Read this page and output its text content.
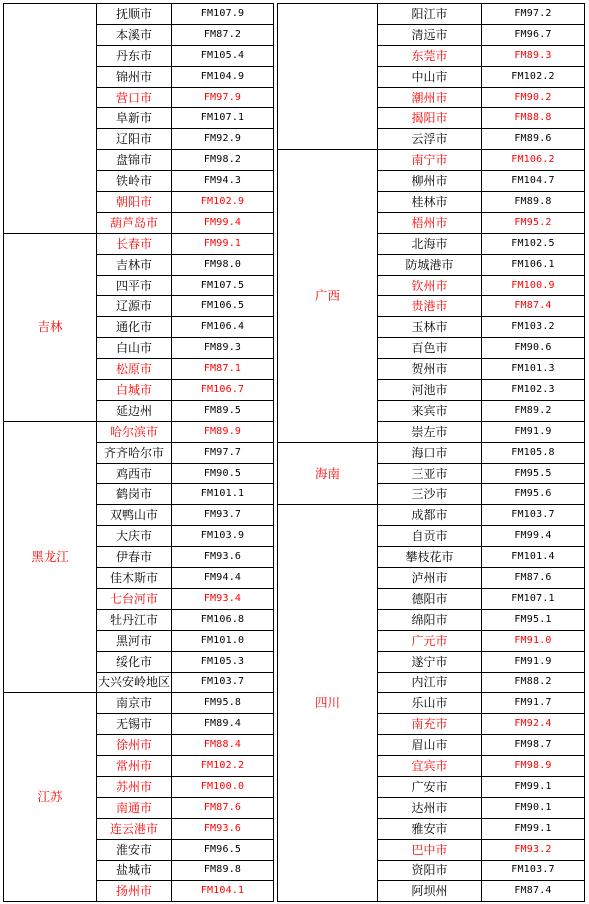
	抚顺市	FM107.9
	本溪市	FM87.2
	丹东市	FM105.4
	锦州市	FM104.9
	营口市	FM97.9
	阜新市	FM107.1
	辽阳市	FM92.9
	盘锦市	FM98.2
	铁岭市	FM94.3
	朝阳市	FM102.9
	葫芦岛市	FM99.4
吉林	长春市	FM99.1
	吉林市	FM98.0
	四平市	FM107.5
	辽源市	FM106.5
	通化市	FM106.4
	白山市	FM89.3
	松原市	FM87.1
	白城市	FM106.7
	延边州	FM89.5
黑龙江	哈尔滨市	FM89.9
	齐齐哈尔市	FM97.7
	鸡西市	FM90.5
	鹤岗市	FM101.1
	双鸭山市	FM93.7
	大庆市	FM103.9
	伊春市	FM93.6
	佳木斯市	FM94.4
	七台河市	FM93.4
	牡丹江市	FM106.8
	黑河市	FM101.0
	绥化市	FM105.3
	大兴安岭地区	FM103.7
江苏	南京市	FM95.8
	无锡市	FM89.4
	徐州市	FM88.4
	常州市	FM102.2
	苏州市	FM100.0
	南通市	FM87.6
	连云港市	FM93.6
	淮安市	FM96.5
	盐城市	FM89.8
	扬州市	FM104.1
	阳江市	FM97.2
	清远市	FM96.7
	东莞市	FM89.3
	中山市	FM102.2
	潮州市	FM90.2
	揭阳市	FM88.8
	云浮市	FM89.6
广西	南宁市	FM106.2
	柳州市	FM104.7
	桂林市	FM89.8
	梧州市	FM95.2
	北海市	FM102.5
	防城港市	FM106.1
	钦州市	FM100.9
	贵港市	FM87.4
	玉林市	FM103.2
	百色市	FM90.6
	贺州市	FM101.3
	河池市	FM102.3
	来宾市	FM89.2
	崇左市	FM91.9
海南	海口市	FM105.8
	三亚市	FM95.5
	三沙市	FM95.6
四川	成都市	FM103.7
	自贡市	FM99.4
	攀枝花市	FM101.4
	泸州市	FM87.6
	德阳市	FM107.1
	绵阳市	FM95.1
	广元市	FM91.0
	遂宁市	FM91.9
	内江市	FM88.2
	乐山市	FM91.7
	南充市	FM92.4
	眉山市	FM98.7
	宜宾市	FM98.9
	广安市	FM99.1
	达州市	FM90.1
	雅安市	FM99.1
	巴中市	FM93.2
	资阳市	FM103.7
	阿坝州	FM87.4
